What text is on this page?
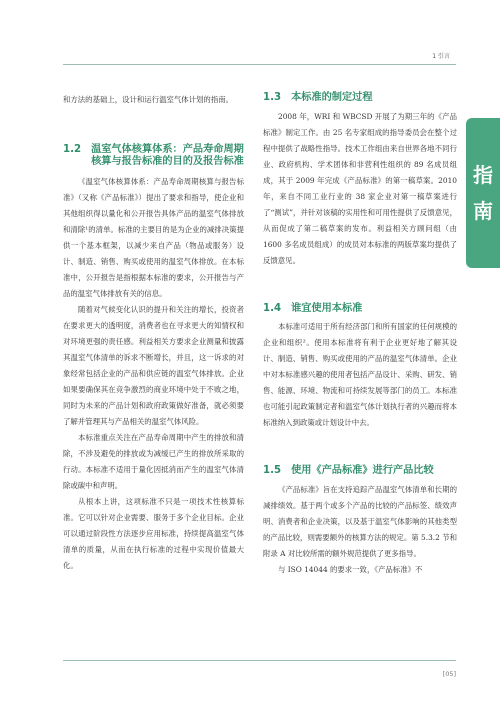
1 引言
指
南

和方法的基础上，设计和运行温室气体计划的指南。

1.2 温室气体核算体系：产品寿命周期核算与报告标准的目的及报告标准

《温室气体核算体系：产品寿命周期核算与报告标准》（又称《产品标准》）提出了要求和指导，使企业和其他组织得以量化和公开报告具体产品的温室气体排放和清除¹的清单。标准的主要目的是为企业的减排决策提供一个基本框架，以减少来自产品（物品或服务）设计、制造、销售、购买或使用的温室气体排放。在本标准中，公开报告是指根据本标准的要求，公开报告与产品的温室气体排放有关的信息。

随着对气候变化认识的提升和关注的增长，投资者在要求更大的透明度，消费者也在寻求更大的知情权和对环境更强的责任感。利益相关方要求企业测量和披露其温室气体清单的诉求不断增长，并且，这一诉求的对象经常包括企业的产品和供应链的温室气体排放。企业如果要确保其在竞争激烈的商业环境中处于不败之地，同时为未来的产品计划和政府政策做好准备，就必须要了解并管理其与产品相关的温室气体风险。

本标准重点关注在产品寿命周期中产生的排放和清除，不涉及避免的排放或为减缓已产生的排放所采取的行动。本标准不适用于量化因抵消而产生的温室气体清除或碳中和声明。

从根本上讲，这项标准不只是一项技术性核算标准。它可以针对企业需要、服务于多个企业目标。企业可以通过阶段性方法逐步应用标准，持续提高温室气体清单的质量，从而在执行标准的过程中实现价值最大化。

1.3 本标准的制定过程

2008 年，WRI 和 WBCSD 开展了为期三年的《产品标准》制定工作。由 25 名专家组成的指导委员会在整个过程中提供了战略性指导。技术工作组由来自世界各地不同行业、政府机构、学术团体和非营利性组织的 89 名成员组成，其于 2009 年完成《产品标准》的第一稿草案。2010 年，来自不同工业行业的 38 家企业对第一稿草案进行了“测试”，并针对该稿的实用性和可用性提供了反馈意见，从而促成了第二稿草案的发布。利益相关方顾问组（由 1600 多名成员组成）的成员对本标准的两版草案均提供了反馈意见。

1.4 谁宜使用本标准

本标准可适用于所有经济部门和所有国家的任何规模的企业和组织²。使用本标准将有利于企业更好地了解其设计、制造、销售、购买或使用的产品的温室气体清单。企业中对本标准感兴趣的使用者包括产品设计、采购、研发、销售、能源、环境、物流和可持续发展等部门的员工。本标准也可能引起政策制定者和温室气体计划执行者的兴趣而将本标准纳入到政策或计划设计中去。

1.5 使用《产品标准》进行产品比较

《产品标准》旨在支持追踪产品温室气体清单和长期的减排绩效。基于两个或多个产品的比较的产品标签、绩效声明、消费者和企业决策，以及基于温室气体影响的其他类型的产品比较，则需要额外的核算方法的规定。第 5.3.2 节和附录 A 对比较所需的额外规范提供了更多指导。

与 ISO 14044 的要求一致，《产品标准》不

[05]
